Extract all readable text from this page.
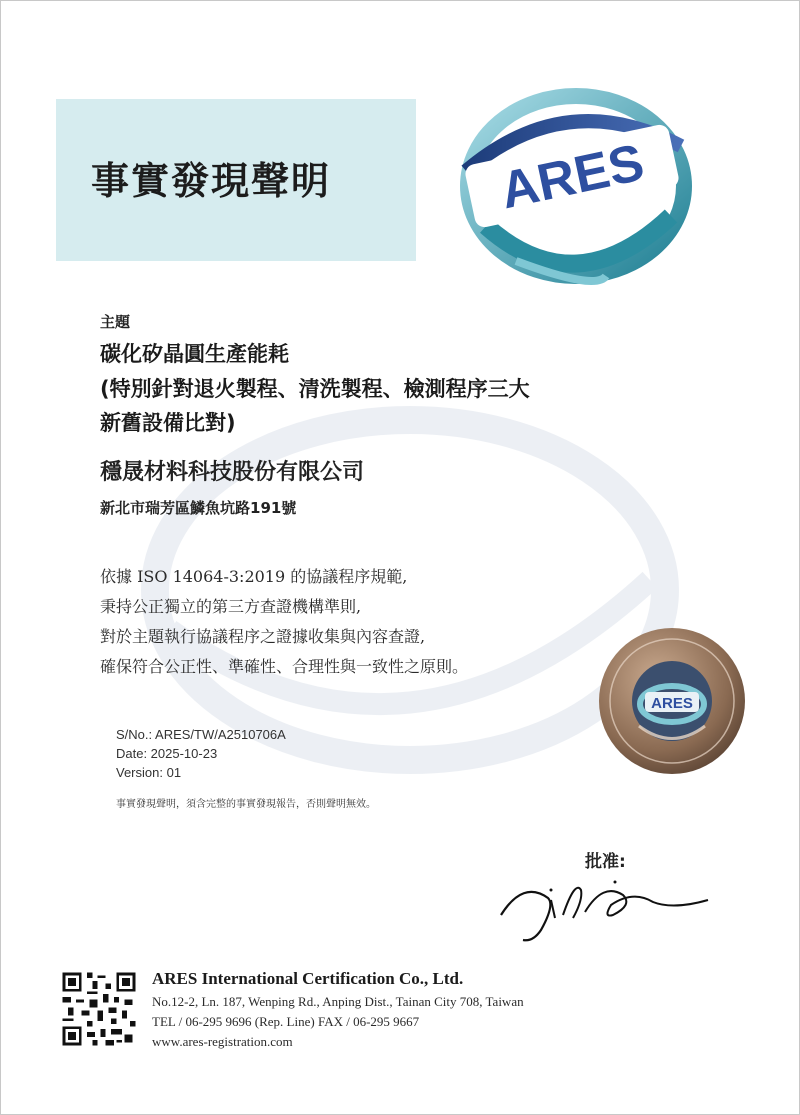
事實發現聲明	ARES
主題
碳化矽晶圓生產能耗
(特別針對退火製程、清洗製程、檢測程序三大
新舊設備比對)
穩晟材料科技股份有限公司
新北市瑞芳區鱗魚坑路191號
依據 ISO 14064-3:2019 的協議程序規範,
秉持公正獨立的第三方查證機構準則,
對於主題執行協議程序之證據收集與內容查證,
確保符合公正性、準確性、合理性與一致性之原則。
ARES
S/No.: ARES/TW/A2510706A
Date: 2025-10-23
Version: 01
事實發現聲明，須含完整的事實發現報告，否則聲明無效。
批准:
ARES International Certification Co., Ltd.
No.12-2, Ln. 187, Wenping Rd., Anping Dist., Tainan City 708, Taiwan
TEL / 06-295 9696 (Rep. Line) FAX / 06-295 9667
www.ares-registration.com
